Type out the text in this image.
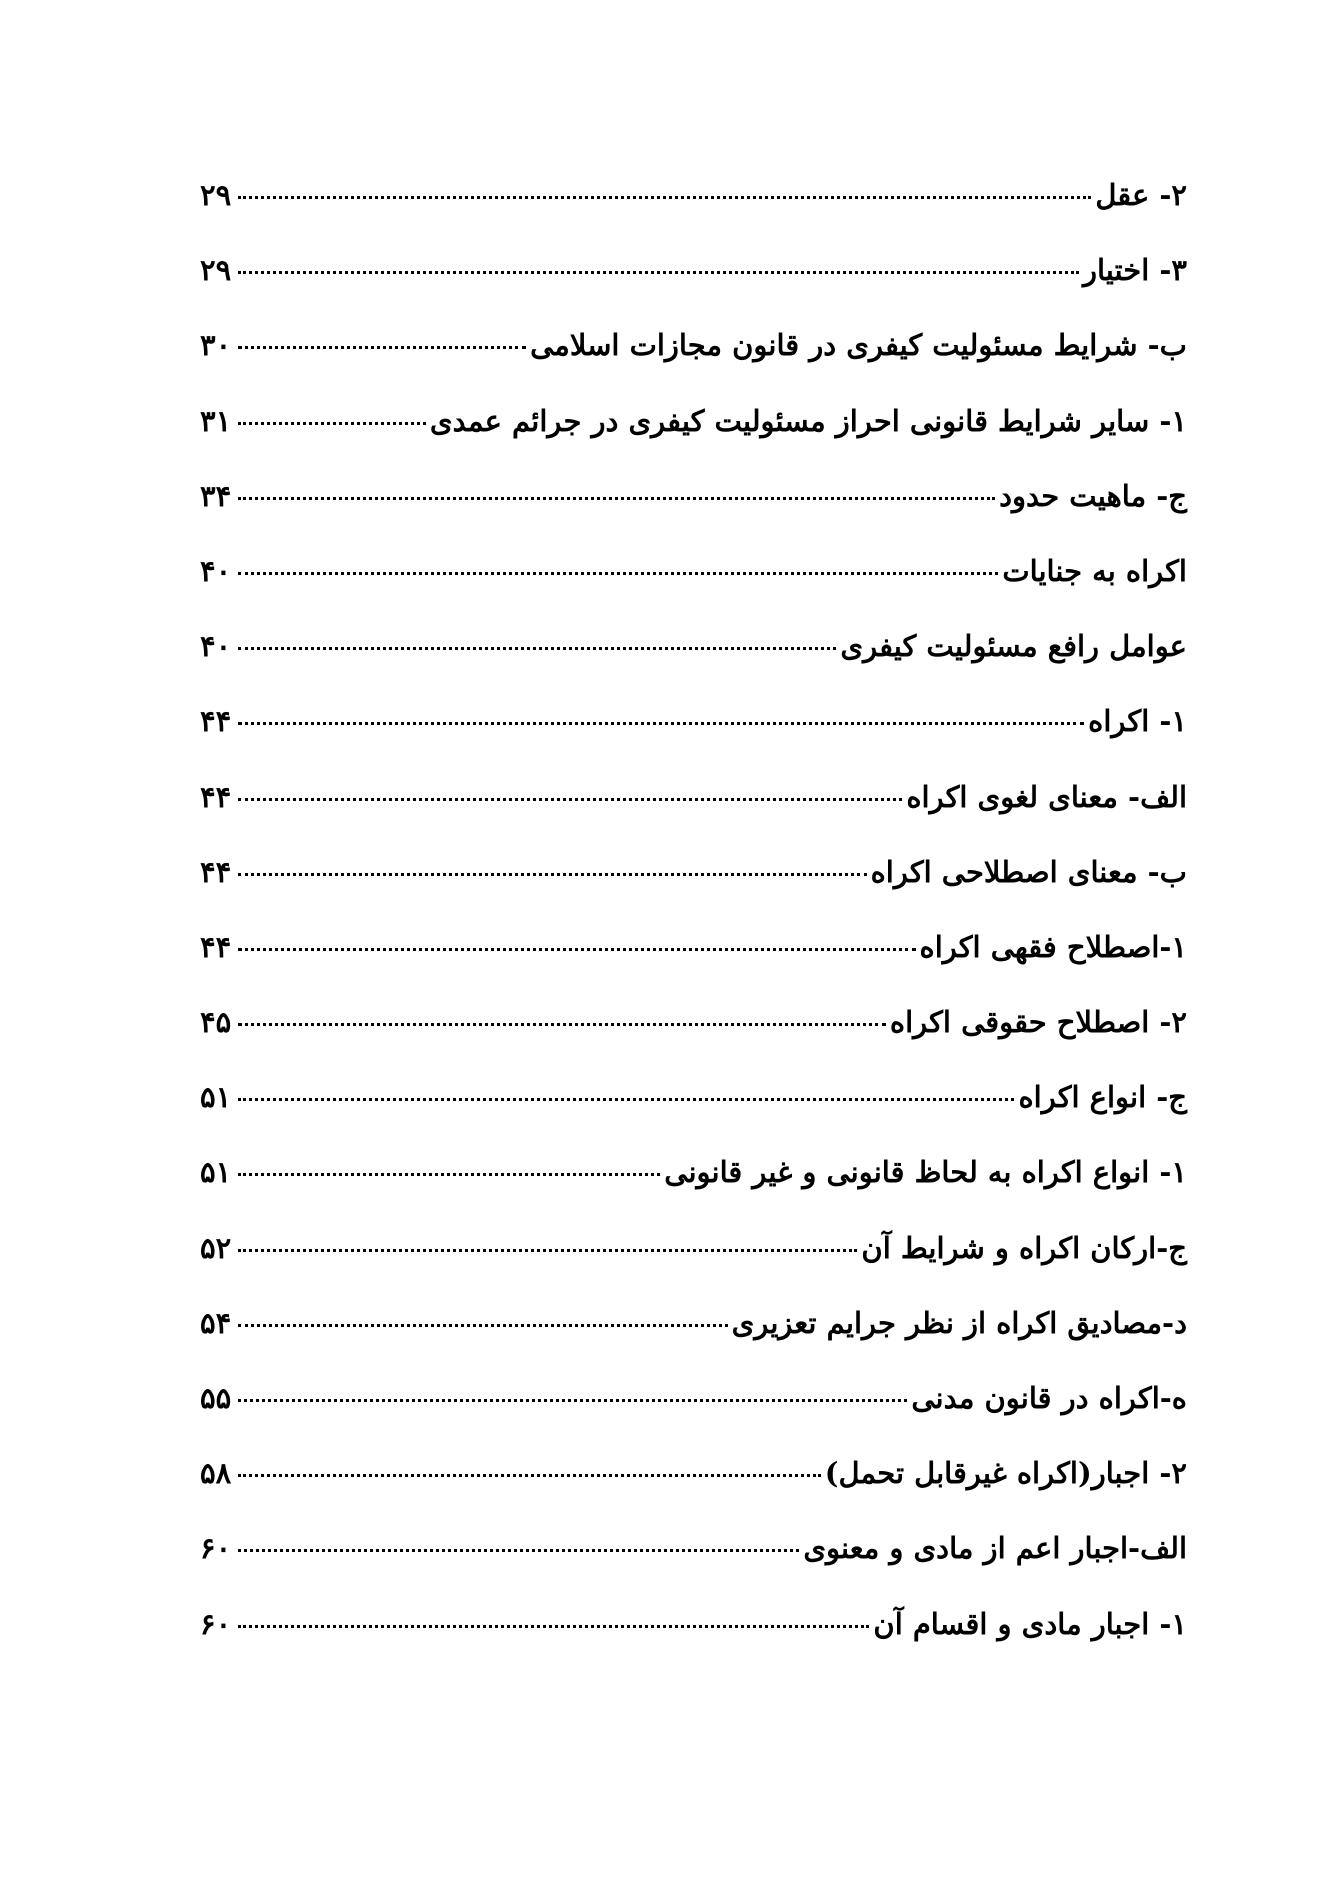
۲- عقل
۲۹
۳- اختیار
۲۹
ب- شرایط مسئولیت کیفری در قانون مجازات اسلامی
۳۰
۱- سایر شرایط قانونی احراز مسئولیت کیفری در جرائم عمدی
۳۱
ج- ماهیت حدود
۳۴
اکراه به جنایات
۴۰
عوامل رافع مسئولیت کیفری
۴۰
۱- اکراه
۴۴
الف- معنای لغوی اکراه
۴۴
ب- معنای اصطلاحی اکراه
۴۴
۱-اصطلاح فقهی اکراه
۴۴
۲- اصطلاح حقوقی اکراه
۴۵
ج- انواع اکراه
۵۱
۱- انواع اکراه به لحاظ قانونی و غیر قانونی
۵۱
ج-ارکان اکراه و شرایط آن
۵۲
د-مصادیق اکراه از نظر جرایم تعزیری
۵۴
ه-اکراه در قانون مدنی
۵۵
۲- اجبار(اکراه غیرقابل تحمل)
۵۸
الف-اجبار اعم از مادی و معنوی
۶۰
۱- اجبار مادی و اقسام آن
۶۰
